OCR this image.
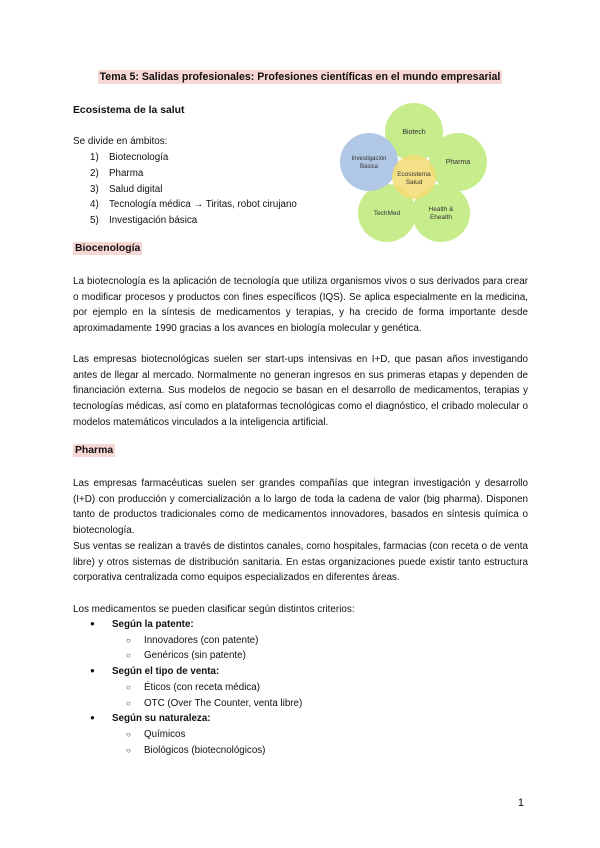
Tema 5: Salidas profesionales: Profesiones científicas en el mundo empresarial
Ecosistema de la salut
Se divide en ámbitos:
1) Biotecnología
2) Pharma
3) Salud digital
4) Tecnología médica → Tiritas, robot cirujano
5) Investigación básica
Biotech
Pharma
Health &
Ehealth
TechMed
Investigación
Básica
Ecosistema
Salud
Biocenología
La biotecnología es la aplicación de tecnología que utiliza organismos vivos o sus derivados para crear o modificar procesos y productos con fines específicos (IQS). Se aplica especialmente en la medicina, por ejemplo en la síntesis de medicamentos y terapias, y ha crecido de forma importante desde aproximadamente 1990 gracias a los avances en biología molecular y genética.
Las empresas biotecnológicas suelen ser start-ups intensivas en I+D, que pasan años investigando antes de llegar al mercado. Normalmente no generan ingresos en sus primeras etapas y dependen de financiación externa. Sus modelos de negocio se basan en el desarrollo de medicamentos, terapias y tecnologías médicas, así como en plataformas tecnológicas como el diagnóstico, el cribado molecular o modelos matemáticos vinculados a la inteligencia artificial.
Pharma
Las empresas farmacéuticas suelen ser grandes compañías que integran investigación y desarrollo (I+D) con producción y comercialización a lo largo de toda la cadena de valor (big pharma). Disponen tanto de productos tradicionales como de medicamentos innovadores, basados en síntesis química o biotecnología.
Sus ventas se realizan a través de distintos canales, como hospitales, farmacias (con receta o de venta libre) y otros sistemas de distribución sanitaria. En estas organizaciones puede existir tanto estructura corporativa centralizada como equipos especializados en diferentes áreas.
Los medicamentos se pueden clasificar según distintos criterios:
● Según la patente:
○ Innovadores (con patente)
○ Genéricos (sin patente)
● Según el tipo de venta:
○ Éticos (con receta médica)
○ OTC (Over The Counter, venta libre)
● Según su naturaleza:
○ Químicos
○ Biológicos (biotecnológicos)
1
